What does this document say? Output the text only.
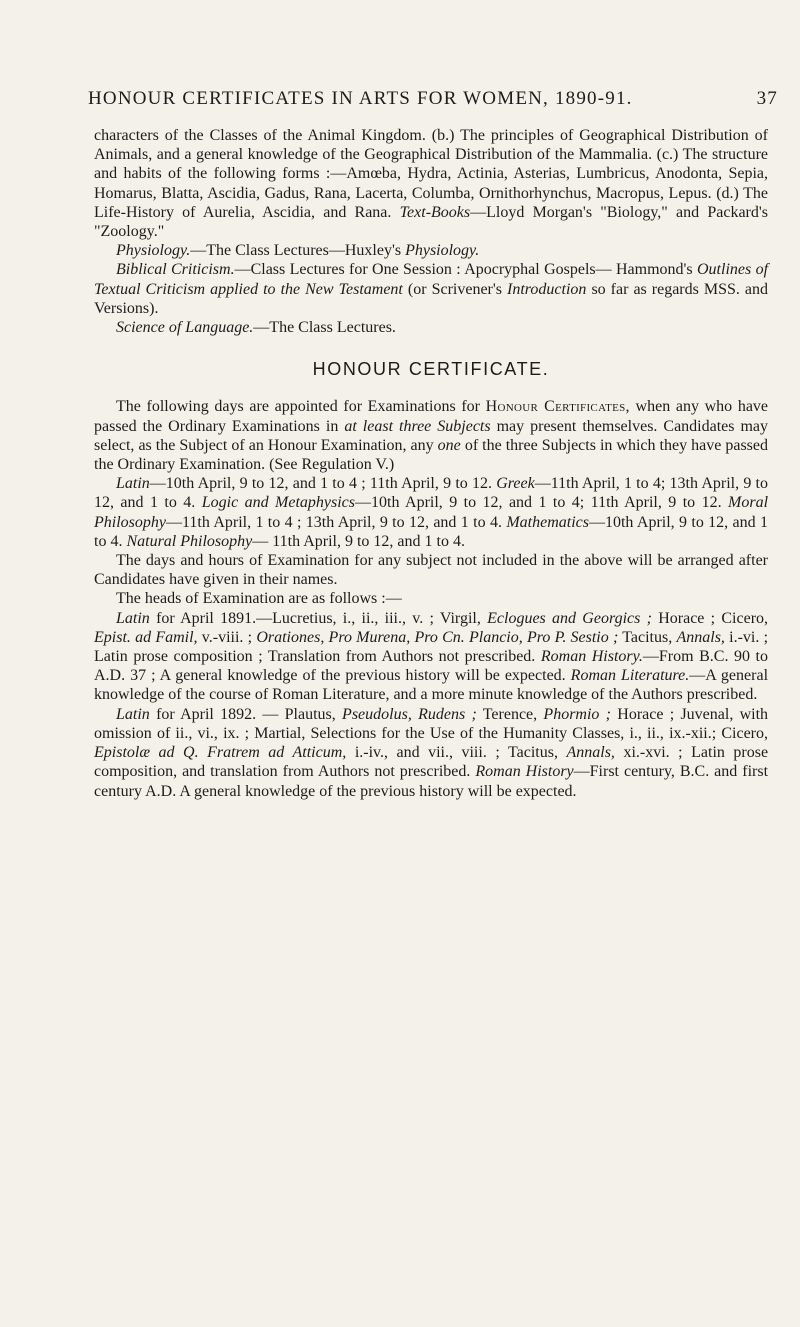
HONOUR CERTIFICATES IN ARTS FOR WOMEN, 1890-91.	37

characters of the Classes of the Animal Kingdom. (b.) The principles of Geographical Distribution of Animals, and a general knowledge of the Geographical Distribution of the Mammalia. (c.) The structure and habits of the following forms :—Amœba, Hydra, Actinia, Asterias, Lumbricus, Anodonta, Sepia, Homarus, Blatta, Ascidia, Gadus, Rana, Lacerta, Columba, Ornithorhynchus, Macropus, Lepus. (d.) The Life-History of Aurelia, Ascidia, and Rana. Text-Books—Lloyd Morgan's "Biology," and Packard's "Zoology."

Physiology.—The Class Lectures—Huxley's Physiology.

Biblical Criticism.—Class Lectures for One Session : Apocryphal Gospels— Hammond's Outlines of Textual Criticism applied to the New Testament (or Scrivener's Introduction so far as regards MSS. and Versions).

Science of Language.—The Class Lectures.

HONOUR CERTIFICATE.

The following days are appointed for Examinations for Honour Certificates, when any who have passed the Ordinary Examinations in at least three Subjects may present themselves. Candidates may select, as the Subject of an Honour Examination, any one of the three Subjects in which they have passed the Ordinary Examination. (See Regulation V.)

Latin—10th April, 9 to 12, and 1 to 4 ; 11th April, 9 to 12. Greek—11th April, 1 to 4; 13th April, 9 to 12, and 1 to 4. Logic and Metaphysics—10th April, 9 to 12, and 1 to 4; 11th April, 9 to 12. Moral Philosophy—11th April, 1 to 4 ; 13th April, 9 to 12, and 1 to 4. Mathematics—10th April, 9 to 12, and 1 to 4. Natural Philosophy— 11th April, 9 to 12, and 1 to 4.

The days and hours of Examination for any subject not included in the above will be arranged after Candidates have given in their names.

The heads of Examination are as follows :—

Latin for April 1891.—Lucretius, i., ii., iii., v. ; Virgil, Eclogues and Georgics ; Horace ; Cicero, Epist. ad Famil, v.-viii. ; Orationes, Pro Murena, Pro Cn. Plancio, Pro P. Sestio ; Tacitus, Annals, i.-vi. ; Latin prose composition ; Translation from Authors not prescribed. Roman History.—From B.C. 90 to A.D. 37 ; A general knowledge of the previous history will be expected. Roman Literature.—A general knowledge of the course of Roman Literature, and a more minute knowledge of the Authors prescribed.

Latin for April 1892. — Plautus, Pseudolus, Rudens ; Terence, Phormio ; Horace ; Juvenal, with omission of ii., vi., ix. ; Martial, Selections for the Use of the Humanity Classes, i., ii., ix.-xii.; Cicero, Epistolæ ad Q. Fratrem ad Atticum, i.-iv., and vii., viii. ; Tacitus, Annals, xi.-xvi. ; Latin prose composition, and translation from Authors not prescribed. Roman History—First century, B.C. and first century A.D. A general knowledge of the previous history will be expected.
